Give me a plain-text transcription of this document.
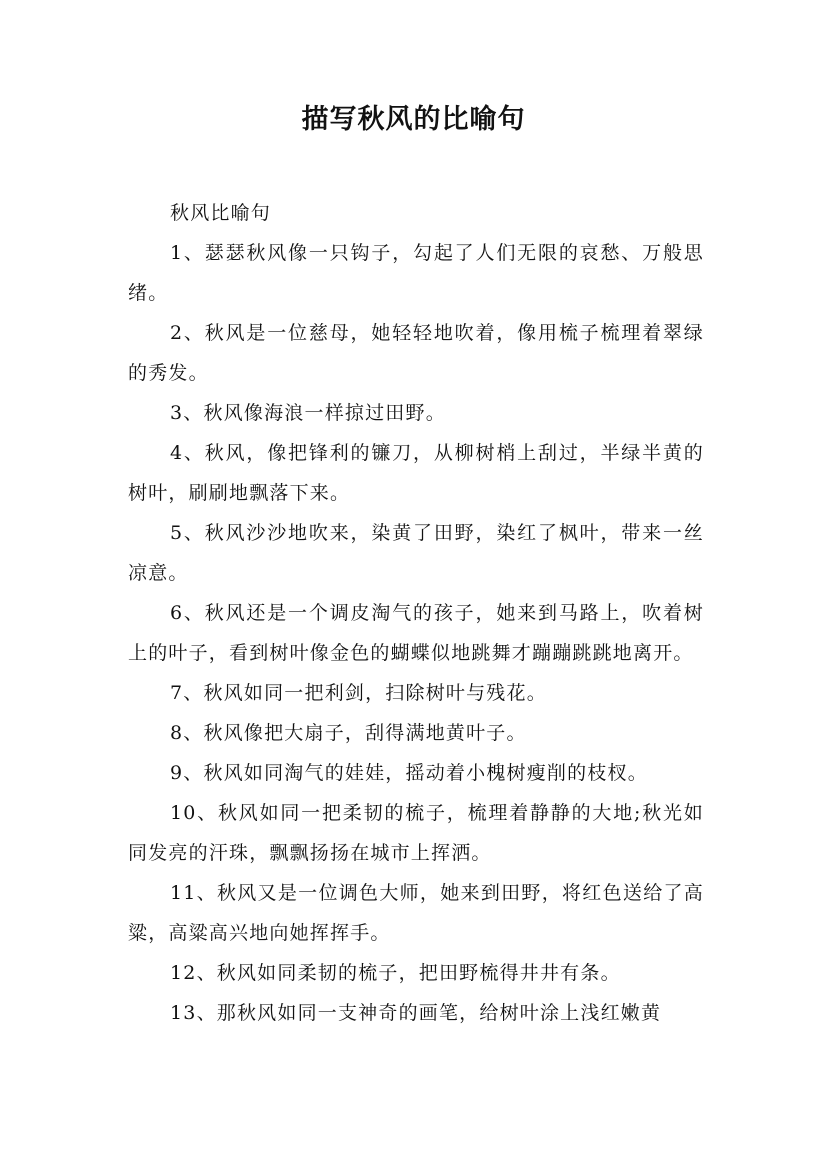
描写秋风的比喻句

秋风比喻句

1、瑟瑟秋风像一只钩子，勾起了人们无限的哀愁、万般思绪。

2、秋风是一位慈母，她轻轻地吹着，像用梳子梳理着翠绿的秀发。

3、秋风像海浪一样掠过田野。

4、秋风，像把锋利的镰刀，从柳树梢上刮过，半绿半黄的树叶，刷刷地飘落下来。

5、秋风沙沙地吹来，染黄了田野，染红了枫叶，带来一丝凉意。

6、秋风还是一个调皮淘气的孩子，她来到马路上，吹着树上的叶子，看到树叶像金色的蝴蝶似地跳舞才蹦蹦跳跳地离开。

7、秋风如同一把利剑，扫除树叶与残花。

8、秋风像把大扇子，刮得满地黄叶子。

9、秋风如同淘气的娃娃，摇动着小槐树瘦削的枝杈。

10、秋风如同一把柔韧的梳子，梳理着静静的大地;秋光如同发亮的汗珠，飘飘扬扬在城市上挥洒。

11、秋风又是一位调色大师，她来到田野，将红色送给了高粱，高粱高兴地向她挥挥手。

12、秋风如同柔韧的梳子，把田野梳得井井有条。

13、那秋风如同一支神奇的画笔，给树叶涂上浅红嫩黄
